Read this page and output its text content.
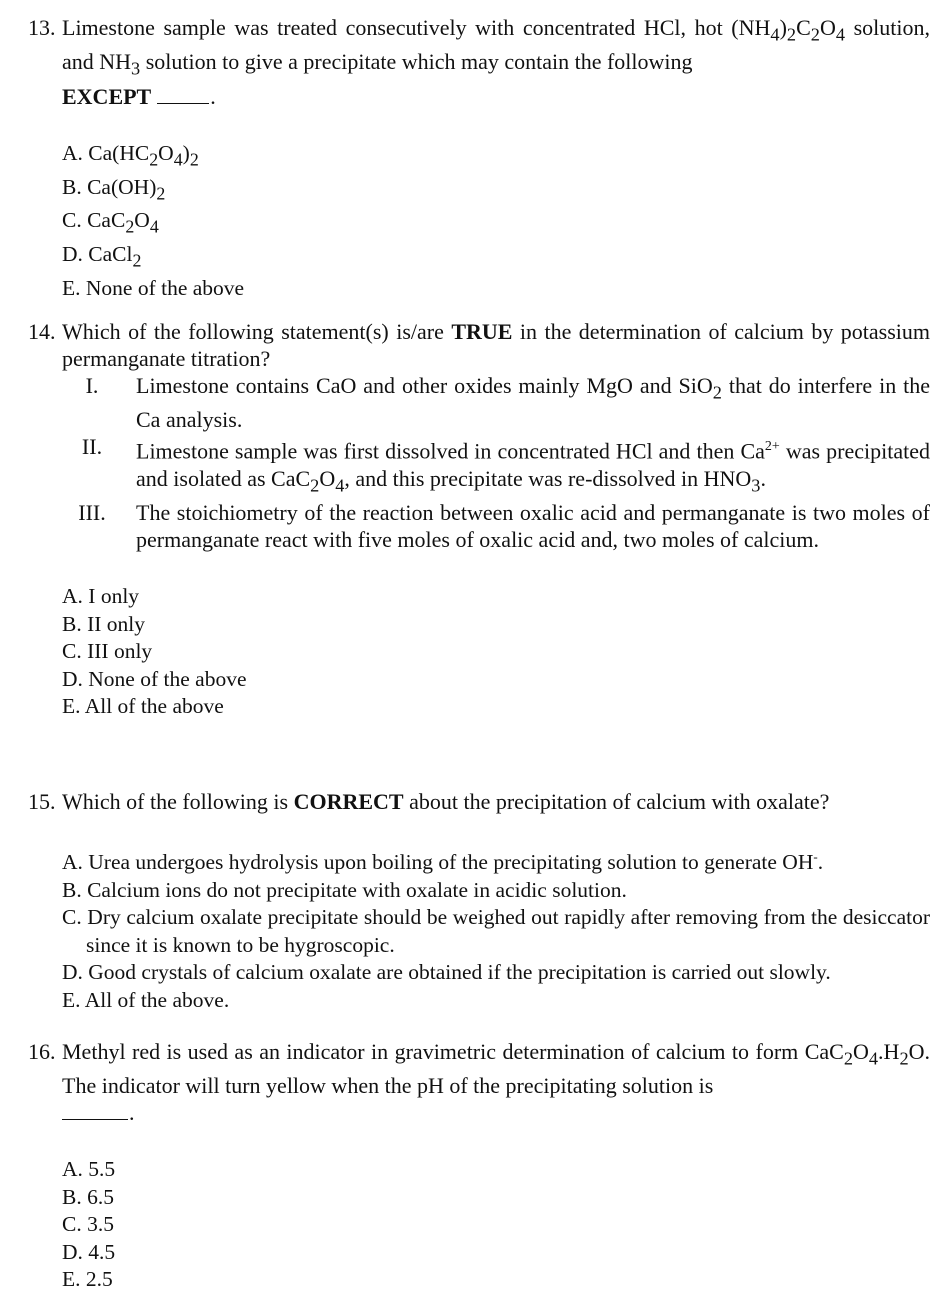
13. Limestone sample was treated consecutively with concentrated HCl, hot $(NH_4)_2C_2O_4$ solution, and $NH_3$ solution to give a precipitate which may contain the following
EXCEPT	.
A. $Ca(HC_2O_4)_2$
B. $Ca(OH)_2$
C. $CaC_2O_4$
D. CaCl$_2$
E. None of the above
14. Which of the following statement(s) is/are TRUE in the determination of calcium by potassium permanganate titration?
I.	Limestone contains CaO and other oxides mainly MgO and SiO$_2$ that do interfere in the Ca analysis.
II.	Limestone sample was first dissolved in concentrated HCl and then $Ca^{2+}$ was precipitated and isolated as $CaC_2O_4$, and this precipitate was re-dissolved in $HNO_3$.
III. The stoichiometry of the reaction between oxalic acid and permanganate is two moles of permanganate react with five moles of oxalic acid and, two moles of calcium.
A. I only
B. II only
C. III only
D. None of the above
E. All of the above
15. Which of the following is CORRECT about the precipitation of calcium with oxalate?
A. Urea undergoes hydrolysis upon boiling of the precipitating solution to generate OH-.
B. Calcium ions do not precipitate with oxalate in acidic solution.
C. Dry calcium oxalate precipitate should be weighed out rapidly after removing from the desiccator since it is known to be hygroscopic.
D. Good crystals of calcium oxalate are obtained if the precipitation is carried out slowly.
E. All of the above.
16. Methyl red is used as an indicator in gravimetric determination of calcium to form $CaC_2O_4.H_2O$. The indicator will turn yellow when the pH of the precipitating solution is
.
A. 5.5
B. 6.5
C. 3.5
D. 4.5
E. 2.5
